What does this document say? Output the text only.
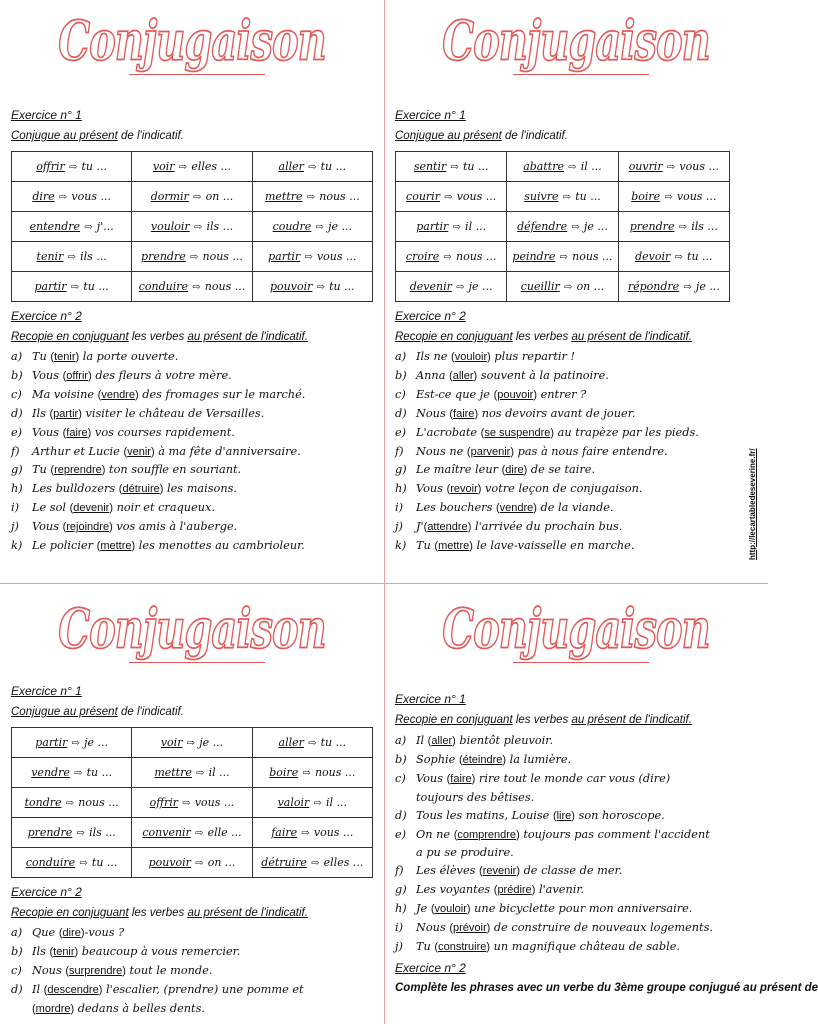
Conjugaison

Exercice n° 1

Conjugue au présent de l'indicatif.

offrir ⇨ tu ...	voir ⇨ elles ...	aller ⇨ tu ...
dire ⇨ vous ...	dormir ⇨ on ...	mettre ⇨ nous ...
entendre ⇨ j'...	vouloir ⇨ ils ...	coudre ⇨ je ...
tenir ⇨ ils ...	prendre ⇨ nous ...	partir ⇨ vous ...
partir ⇨ tu ...	conduire ⇨ nous ...	pouvoir ⇨ tu ...

Exercice n° 2

Recopie en conjuguant les verbes au présent de l'indicatif.

a) Tu (tenir) la porte ouverte.
b) Vous (offrir) des fleurs à votre mère.
c) Ma voisine (vendre) des fromages sur le marché.
d) Ils (partir) visiter le château de Versailles.
e) Vous (faire) vos courses rapidement.
f) Arthur et Lucie (venir) à ma fête d'anniversaire.
g) Tu (reprendre) ton souffle en souriant.
h) Les bulldozers (détruire) les maisons.
i) Le sol (devenir) noir et craqueux.
j) Vous (rejoindre) vos amis à l'auberge.
k) Le policier (mettre) les menottes au cambrioleur.
Conjugaison

Exercice n° 1

Conjugue au présent de l'indicatif.

sentir ⇨ tu ...	abattre ⇨ il ...	ouvrir ⇨ vous ...
courir ⇨ vous ...	suivre ⇨ tu ...	boire ⇨ vous ...
partir ⇨ il ...	défendre ⇨ je ...	prendre ⇨ ils ...
croire ⇨ nous ...	peindre ⇨ nous ...	devoir ⇨ tu ...
devenir ⇨ je ...	cueillir ⇨ on ...	répondre ⇨ je ...

Exercice n° 2

Recopie en conjuguant les verbes au présent de l'indicatif.

a) Ils ne (vouloir) plus repartir !
b) Anna (aller) souvent à la patinoire.
c) Est-ce que je (pouvoir) entrer ?
d) Nous (faire) nos devoirs avant de jouer.
e) L'acrobate (se suspendre) au trapèze par les pieds.
f) Nous ne (parvenir) pas à nous faire entendre.
g) Le maître leur (dire) de se taire.
h) Vous (revoir) votre leçon de conjugaison.
i) Les bouchers (vendre) de la viande.
j) J'(attendre) l'arrivée du prochain bus.
k) Tu (mettre) le lave-vaisselle en marche.	http://lecartabledeseverine.fr/
Conjugaison

Exercice n° 1

Conjugue au présent de l'indicatif.

partir ⇨ je ...	voir ⇨ je ...	aller ⇨ tu ...
vendre ⇨ tu ...	mettre ⇨ il ...	boire ⇨ nous ...
tondre ⇨ nous ...	offrir ⇨ vous ...	valoir ⇨ il ...
prendre ⇨ ils ...	convenir ⇨ elle ...	faire ⇨ vous ...
conduire ⇨ tu ...	pouvoir ⇨ on ...	détruire ⇨ elles ...

Exercice n° 2

Recopie en conjuguant les verbes au présent de l'indicatif.

a) Que (dire)-vous ?
b) Ils (tenir) beaucoup à vous remercier.
c) Nous (surprendre) tout le monde.
d) Il (descendre) l'escalier, (prendre) une pomme et
(mordre) dedans à belles dents.
Conjugaison

Exercice n° 1

Recopie en conjuguant les verbes au présent de l'indicatif.

a) Il (aller) bientôt pleuvoir.
b) Sophie (éteindre) la lumière.
c) Vous (faire) rire tout le monde car vous (dire)
toujours des bêtises.
d) Tous les matins, Louise (lire) son horoscope.
e) On ne (comprendre) toujours pas comment l'accident
a pu se produire.
f) Les élèves (revenir) de classe de mer.
g) Les voyantes (prédire) l'avenir.
h) Je (vouloir) une bicyclette pour mon anniversaire.
i) Nous (prévoir) de construire de nouveaux logements.
j) Tu (construire) un magnifique château de sable.

Exercice n° 2

Complète les phrases avec un verbe du 3ème groupe conjugué au présent de
